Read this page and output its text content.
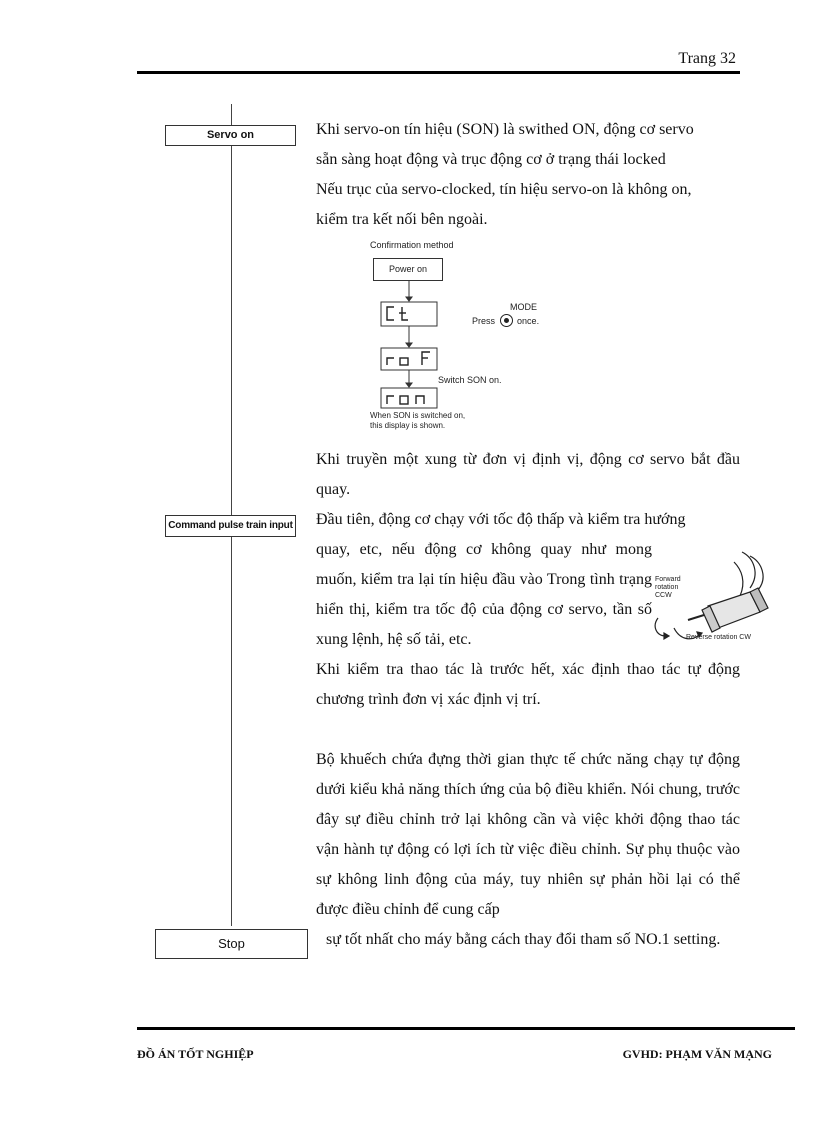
Trang 32
Servo on
Command pulse train input
Stop
Khi servo-on tín hiệu (SON) là swithed ON, động cơ servo
sẵn sàng hoạt động và trục động cơ ở trạng thái locked
Nếu trục của servo-clocked, tín hiệu servo-on là không on,
kiểm tra kết nối bên ngoài.
Confirmation method
Power on
MODE
Press once.
Switch SON on.
When SON is switched on,
this display is shown.
Khi truyền một xung từ đơn vị định vị, động cơ servo bắt đầu quay.
Đầu tiên, động cơ chạy với tốc độ thấp và kiểm tra hướng
quay, etc, nếu động cơ không quay như mong muốn, kiểm tra lại tín hiệu đầu vào Trong tình trạng hiển thị, kiểm tra tốc độ của động cơ servo, tần số xung lệnh, hệ số tải, etc.
Forward
rotation
CCW
Reverse rotation CW
Khi kiểm tra thao tác là trước hết, xác định thao tác tự động chương trình đơn vị xác định vị trí.
Bộ khuếch chứa đựng thời gian thực tế chức năng chạy tự động dưới kiểu khả năng thích ứng của bộ điều khiển. Nói chung, trước đây sự điều chỉnh trở lại không cần và việc khởi động thao tác vận hành tự động có lợi ích từ việc điều chỉnh. Sự phụ thuộc vào sự không linh động của máy, tuy nhiên sự phản hồi lại có thể được điều chỉnh để cung cấp
sự tốt nhất cho máy bằng cách thay đổi tham số NO.1 setting.
ĐỒ ÁN TỐT NGHIỆP	GVHD: PHẠM VĂN MẠNG
